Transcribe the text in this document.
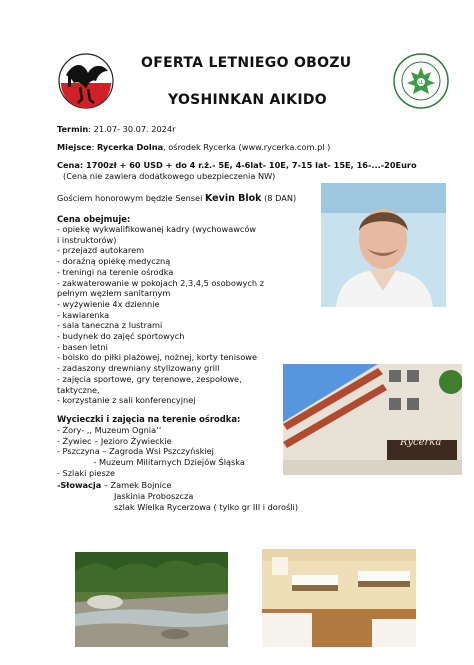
LL
OFERTA LETNIEGO OBOZU
YOSHINKAN AIKIDO
Termin: 21.07- 30.07. 2024r
Miejsce: Rycerka Dolna, ośrodek Rycerka (www.rycerka.com.pl )
Cena: 1700zł + 60 USD + do 4 r.ż.- 5E, 4-6lat- 10E, 7-15 lat- 15E, 16-...-20Euro
(Cena nie zawiera dodatkowego ubezpieczenia NW)
Gościem honorowym będzie Sensei Kevin Blok (8 DAN)
Cena obejmuje:
- opiekę wykwalifikowanej kadry (wychowawców
i instruktorów)
- przejazd autokarem
- doraźną opiekę medyczną
- treningi na terenie ośrodka
- zakwaterowanie w pokojach 2,3,4,5 osobowych z
pełnym węzłem sanitarnym
- wyżywienie 4x dziennie
- kawiarenka
- sala taneczna z lustrami
- budynek do zajęć sportowych
- basen letni
- boisko do piłki plażowej, nożnej, korty tenisowe
- zadaszony drewniany stylizowany grill
- zajęcia sportowe, gry terenowe, zespołowe,
taktyczne,
- korzystanie z sali konferencyjnej
Wycieczki i zajęcia na terenie ośrodka:
- Żory- ,, Muzeum Ognia’’
- Żywiec – Jezioro Żywieckie
- Pszczyna – Zagroda Wsi Pszczyńskiej
- Muzeum Militarnych Dziejów Śląska
- Szlaki piesze
-Słowacja – Zamek Bojnice
Jaskinia Proboszcza
szlak Wielka Rycerzowa ( tylko gr III i dorośli)
Rycerka
